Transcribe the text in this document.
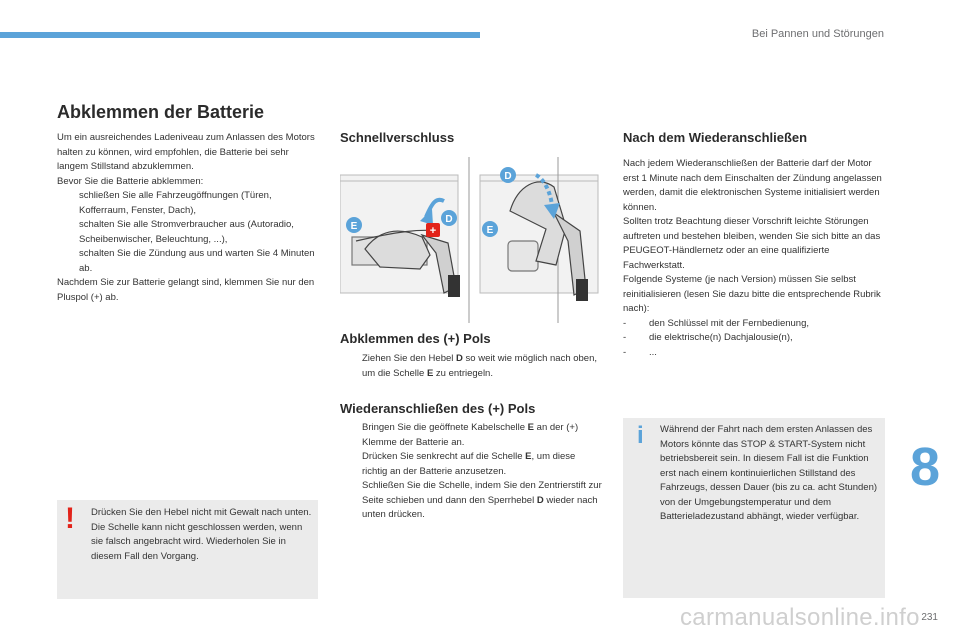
Bei Pannen und Störungen
8
231
Abklemmen der Batterie
Um ein ausreichendes Ladeniveau zum Anlassen des Motors halten zu können, wird empfohlen, die Batterie bei sehr langem Stillstand abzuklemmen.
Bevor Sie die Batterie abklemmen:
schließen Sie alle Fahrzeugöffnungen (Türen, Kofferraum, Fenster, Dach),
schalten Sie alle Stromverbraucher aus (Autoradio, Scheibenwischer, Beleuchtung, ...),
schalten Sie die Zündung aus und warten Sie 4 Minuten ab.
Nachdem Sie zur Batterie gelangt sind, klemmen Sie nur den Pluspol (+) ab.
! Drücken Sie den Hebel nicht mit Gewalt nach unten. Die Schelle kann nicht geschlossen werden, wenn sie falsch angebracht wird. Wiederholen Sie in diesem Fall den Vorgang.
Schnellverschluss
E
D
E
D
+
Abklemmen des (+) Pols
Ziehen Sie den Hebel D so weit wie möglich nach oben, um die Schelle E zu entriegeln.
Wiederanschließen des (+) Pols
Bringen Sie die geöffnete Kabelschelle E an der (+) Klemme der Batterie an.
Drücken Sie senkrecht auf die Schelle E, um diese richtig an der Batterie anzusetzen.
Schließen Sie die Schelle, indem Sie den Zentrierstift zur Seite schieben und dann den Sperrhebel D wieder nach unten drücken.
Nach dem Wiederanschließen
Nach jedem Wiederanschließen der Batterie darf der Motor erst 1 Minute nach dem Einschalten der Zündung angelassen werden, damit die elektronischen Systeme initialisiert werden können.
Sollten trotz Beachtung dieser Vorschrift leichte Störungen auftreten und bestehen bleiben, wenden Sie sich bitte an das PEUGEOT-Händlernetz oder an eine qualifizierte Fachwerkstatt.
Folgende Systeme (je nach Version) müssen Sie selbst reinitialisieren (lesen Sie dazu bitte die entsprechende Rubrik nach):
- den Schlüssel mit der Fernbedienung,
- die elektrische(n) Dachjalousie(n),
- ...
i Während der Fahrt nach dem ersten Anlassen des Motors könnte das STOP & START-System nicht betriebsbereit sein. In diesem Fall ist die Funktion erst nach einem kontinuierlichen Stillstand des Fahrzeugs, dessen Dauer (bis zu ca. acht Stunden) von der Umgebungstemperatur und dem Batterieladezustand abhängt, wieder verfügbar.
carmanualsonline.info
